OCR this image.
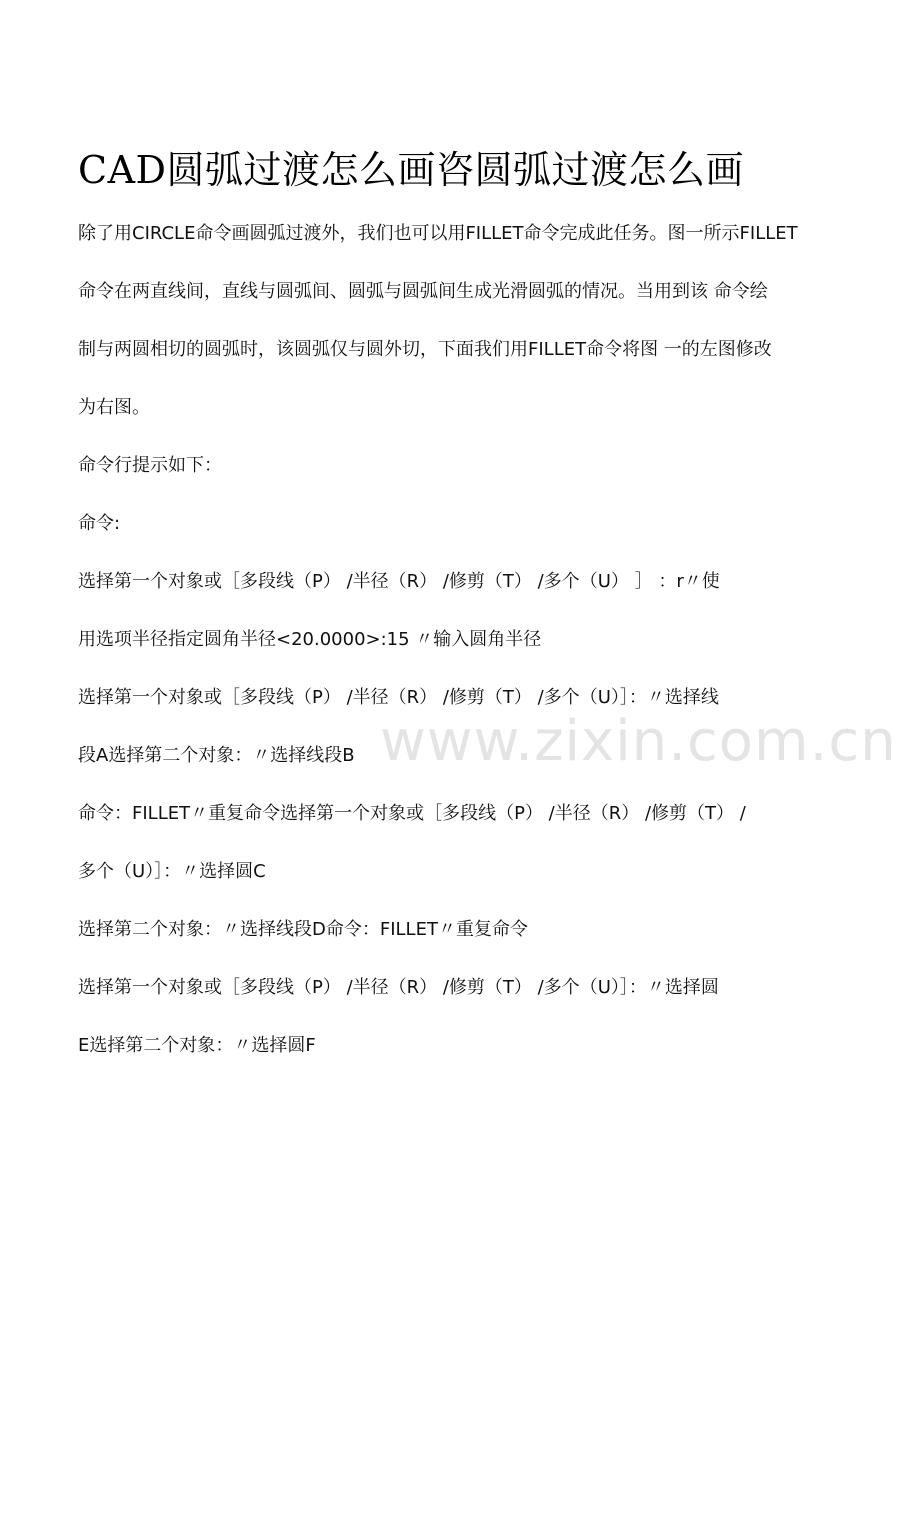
CAD圆弧过渡怎么画咨圆弧过渡怎么画
www.zixin.com.cn
除了用CIRCLE命令画圆弧过渡外，我们也可以用FILLET命令完成此任务。图一所示FILLET
命令在两直线间，直线与圆弧间、圆弧与圆弧间生成光滑圆弧的情况。当用到该 命令绘
制与两圆相切的圆弧时，该圆弧仅与圆外切，下面我们用FILLET命令将图 一的左图修改
为右图。
命令行提示如下：
命令:
选择第一个对象或［多段线（P） /半径（R） /修剪（T） /多个（U） ］ ：r〃使
用选项半径指定圆角半径<20.0000>:15 〃输入圆角半径
选择第一个对象或［多段线（P） /半径（R） /修剪（T） /多个（U）］：〃选择线
段A选择第二个对象：〃选择线段B
命令：FILLET〃重复命令选择第一个对象或［多段线（P） /半径（R） /修剪（T） /
多个（U）］：〃选择圆C
选择第二个对象：〃选择线段D命令：FILLET〃重复命令
选择第一个对象或［多段线（P） /半径（R） /修剪（T） /多个（U）］：〃选择圆
E选择第二个对象：〃选择圆F
